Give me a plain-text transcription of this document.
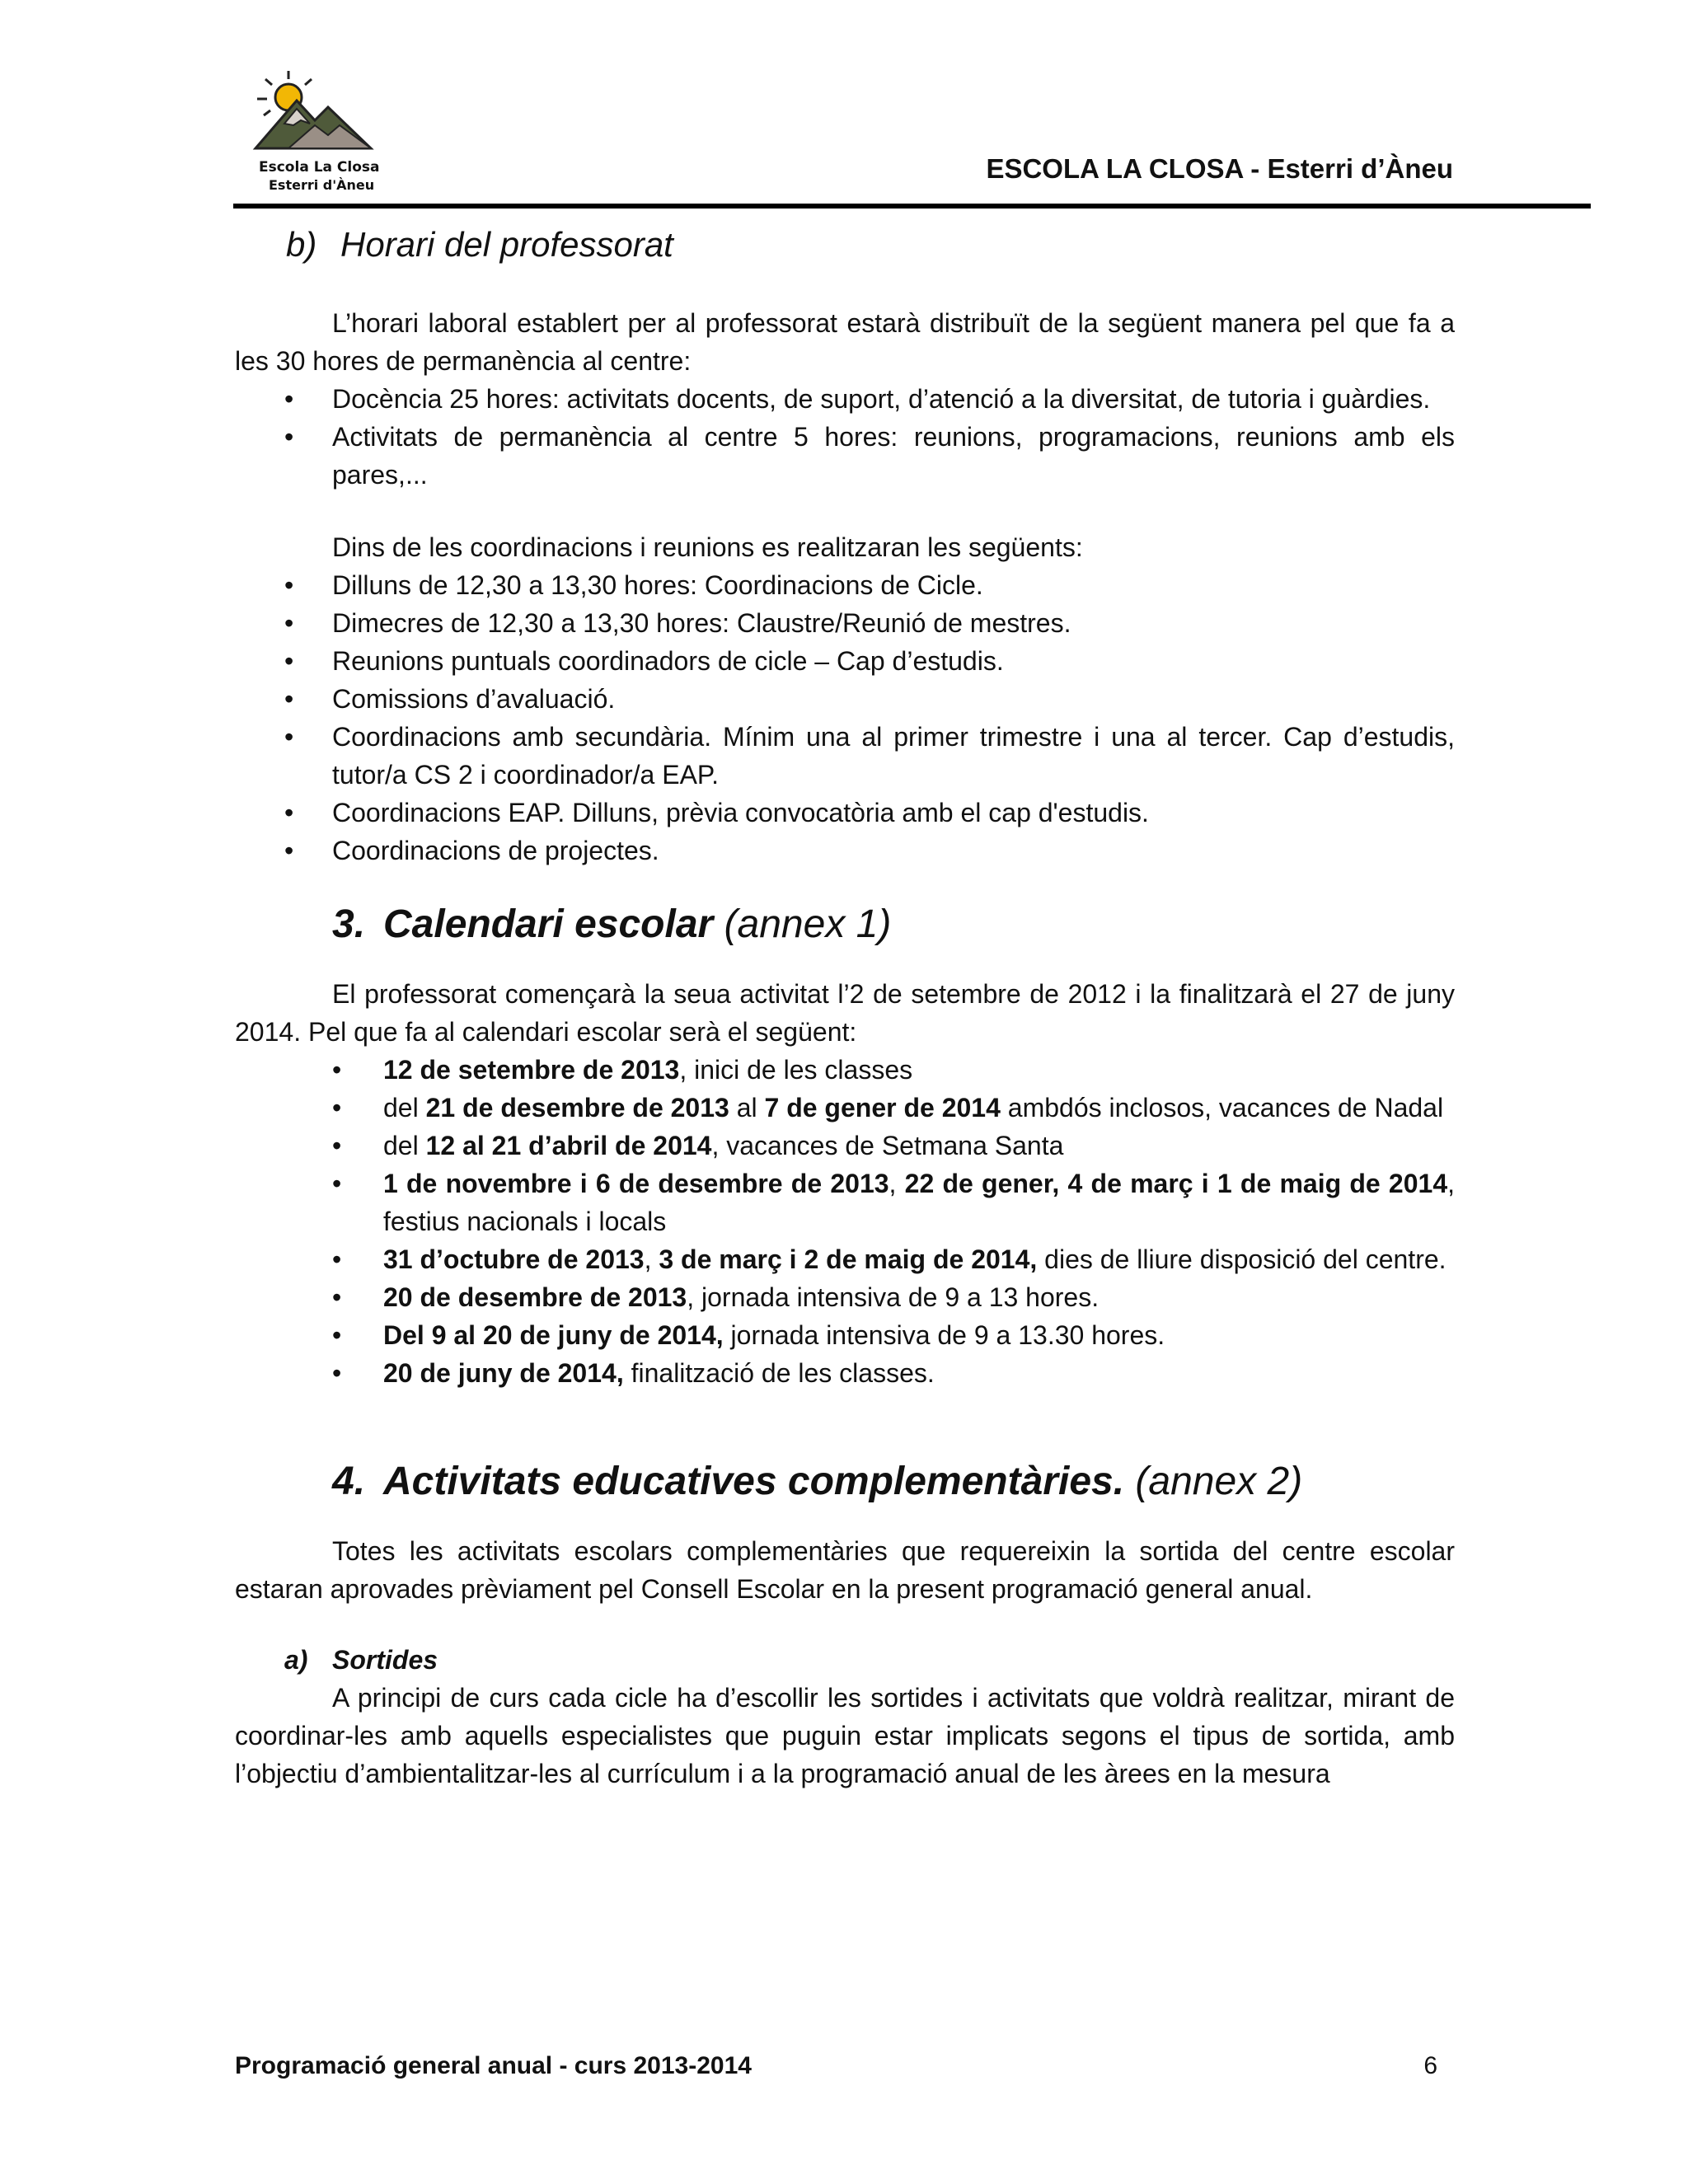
Escola La Closa
Esterri d'Àneu
ESCOLA LA CLOSA - Esterri d’Àneu
b) Horari del professorat

L’horari laboral establert per al professorat estarà distribuït de la següent manera pel que fa a les 30 hores de permanència al centre:

• Docència 25 hores: activitats docents, de suport, d’atenció a la diversitat, de tutoria i guàrdies.
• Activitats de permanència al centre 5 hores: reunions, programacions, reunions amb els pares,...

Dins de les coordinacions i reunions es realitzaran les següents:

• Dilluns de 12,30 a 13,30 hores: Coordinacions de Cicle.
• Dimecres de 12,30 a 13,30 hores: Claustre/Reunió de mestres.
• Reunions puntuals coordinadors de cicle – Cap d’estudis.
• Comissions d’avaluació.
• Coordinacions amb secundària. Mínim una al primer trimestre i una al tercer. Cap d’estudis, tutor/a CS 2 i coordinador/a EAP.
• Coordinacions EAP. Dilluns, prèvia convocatòria amb el cap d'estudis.
• Coordinacions de projectes.
3. Calendari escolar (annex 1)

El professorat començarà la seua activitat l’2 de setembre de 2012 i la finalitzarà el 27 de juny 2014. Pel que fa al calendari escolar serà el següent:

• 12 de setembre de 2013, inici de les classes
• del 21 de desembre de 2013 al 7 de gener de 2014 ambdós inclosos, vacances de Nadal
• del 12 al 21 d’abril de 2014, vacances de Setmana Santa
• 1 de novembre i 6 de desembre de 2013, 22 de gener, 4 de març i 1 de maig de 2014, festius nacionals i locals
• 31 d’octubre de 2013, 3 de març i 2 de maig de 2014, dies de lliure disposició del centre.
• 20 de desembre de 2013, jornada intensiva de 9 a 13 hores.
• Del 9 al 20 de juny de 2014, jornada intensiva de 9 a 13.30 hores.
• 20 de juny de 2014, finalització de les classes.
4. Activitats educatives complementàries. (annex 2)

Totes les activitats escolars complementàries que requereixin la sortida del centre escolar estaran aprovades prèviament pel Consell Escolar en la present programació general anual.

a) Sortides

A principi de curs cada cicle ha d’escollir les sortides i activitats que voldrà realitzar, mirant de coordinar-les amb aquells especialistes que puguin estar implicats segons el tipus de sortida, amb l’objectiu d’ambientalitzar-les al currículum i a la programació anual de les àrees en la mesura

Programació general anual - curs 2013-2014	6
